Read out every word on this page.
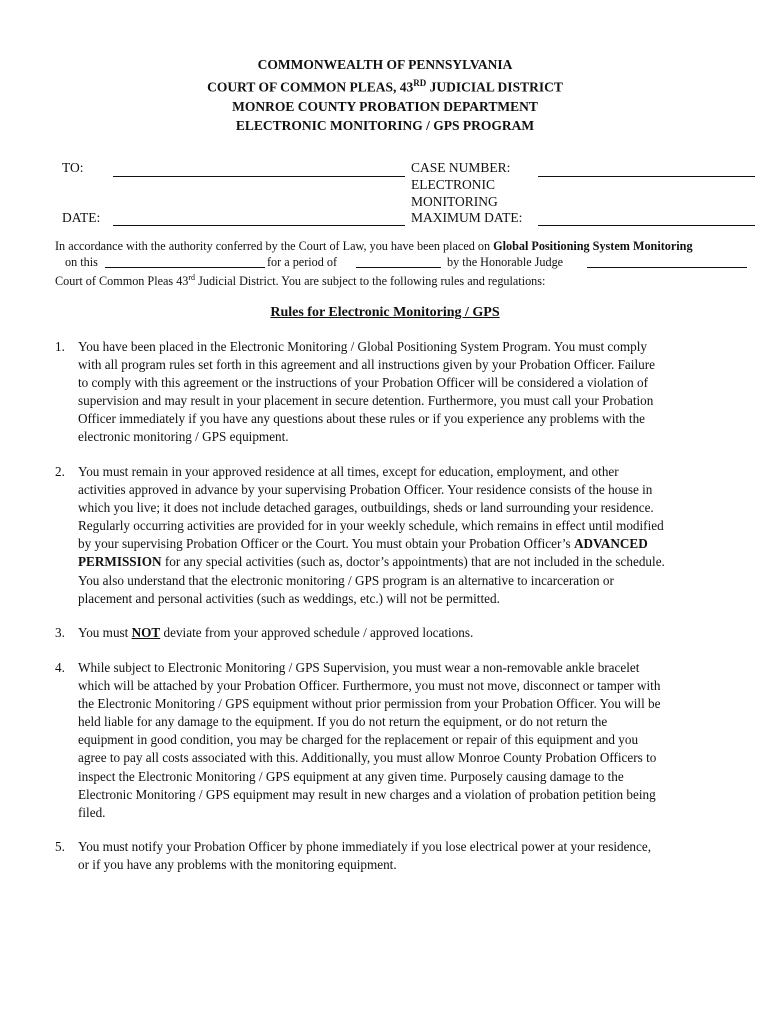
COMMONWEALTH OF PENNSYLVANIA
COURT OF COMMON PLEAS, 43RD JUDICIAL DISTRICT
MONROE COUNTY PROBATION DEPARTMENT
ELECTRONIC MONITORING / GPS PROGRAM
TO:
DATE:
CASE NUMBER:
ELECTRONIC
MONITORING
MAXIMUM DATE:
In accordance with the authority conferred by the Court of Law, you have been placed on Global Positioning System Monitoring
on this	for a period of	by the Honorable Judge
Court of Common Pleas 43rd Judicial District. You are subject to the following rules and regulations:
Rules for Electronic Monitoring / GPS
1. You have been placed in the Electronic Monitoring / Global Positioning System Program. You must comply
with all program rules set forth in this agreement and all instructions given by your Probation Officer. Failure
to comply with this agreement or the instructions of your Probation Officer will be considered a violation of
supervision and may result in your placement in secure detention. Furthermore, you must call your Probation
Officer immediately if you have any questions about these rules or if you experience any problems with the
electronic monitoring / GPS equipment.
2. You must remain in your approved residence at all times, except for education, employment, and other
activities approved in advance by your supervising Probation Officer. Your residence consists of the house in
which you live; it does not include detached garages, outbuildings, sheds or land surrounding your residence.
Regularly occurring activities are provided for in your weekly schedule, which remains in effect until modified
by your supervising Probation Officer or the Court. You must obtain your Probation Officer’s ADVANCED
PERMISSION for any special activities (such as, doctor’s appointments) that are not included in the schedule.
You also understand that the electronic monitoring / GPS program is an alternative to incarceration or
placement and personal activities (such as weddings, etc.) will not be permitted.
3. You must NOT deviate from your approved schedule / approved locations.
4. While subject to Electronic Monitoring / GPS Supervision, you must wear a non-removable ankle bracelet
which will be attached by your Probation Officer. Furthermore, you must not move, disconnect or tamper with
the Electronic Monitoring / GPS equipment without prior permission from your Probation Officer. You will be
held liable for any damage to the equipment. If you do not return the equipment, or do not return the
equipment in good condition, you may be charged for the replacement or repair of this equipment and you
agree to pay all costs associated with this. Additionally, you must allow Monroe County Probation Officers to
inspect the Electronic Monitoring / GPS equipment at any given time. Purposely causing damage to the
Electronic Monitoring / GPS equipment may result in new charges and a violation of probation petition being
filed.
5. You must notify your Probation Officer by phone immediately if you lose electrical power at your residence,
or if you have any problems with the monitoring equipment.
